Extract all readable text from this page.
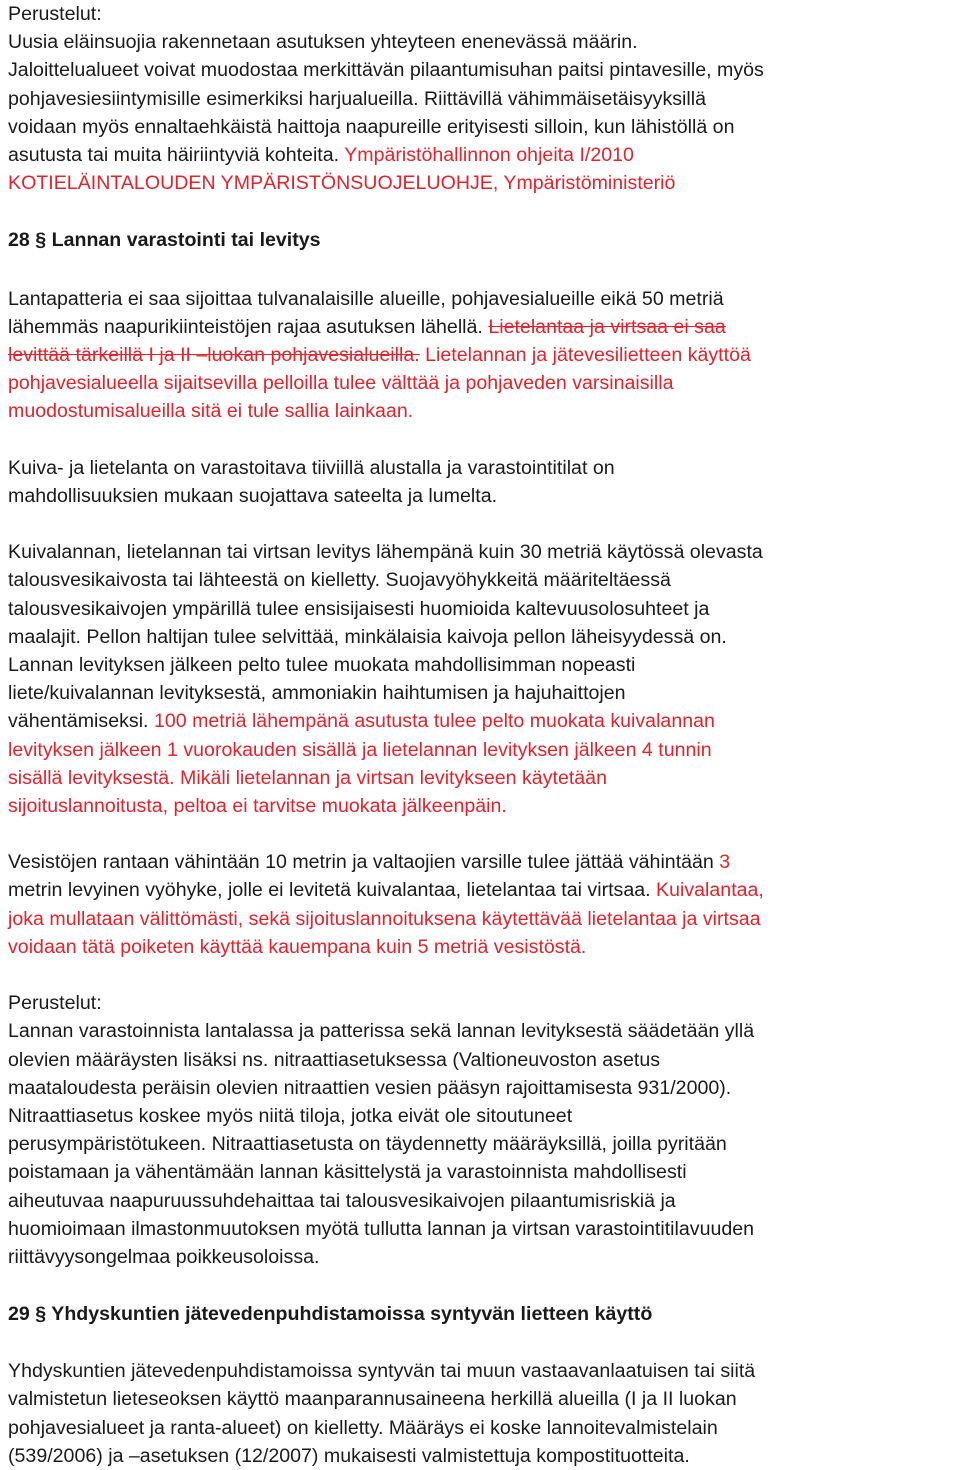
Perustelut:
Uusia eläinsuojia rakennetaan asutuksen yhteyteen enenevässä määrin.
Jaloittelualueet voivat muodostaa merkittävän pilaantumisuhan paitsi pintavesille, myös
pohjavesiesiintymisille esimerkiksi harjualueilla. Riittävillä vähimmäisetäisyyksillä
voidaan myös ennaltaehkäistä haittoja naapureille erityisesti silloin, kun lähistöllä on
asutusta tai muita häiriintyviä kohteita. Ympäristöhallinnon ohjeita I/2010
KOTIELÄINTALOUDEN YMPÄRISTÖNSUOJELUOHJE, Ympäristöministeriö
28 § Lannan varastointi tai levitys
Lantapatteria ei saa sijoittaa tulvanalaisille alueille, pohjavesialueille eikä 50 metriä
lähemmäs naapurikiinteistöjen rajaa asutuksen lähellä. Lietelantaa ja virtsaa ei saa
levittää tärkeillä I ja II –luokan pohjavesialueilla. Lietelannan ja jätevesilietteen käyttöä
pohjavesialueella sijaitsevilla pelloilla tulee välttää ja pohjaveden varsinaisilla
muodostumisalueilla sitä ei tule sallia lainkaan.
Kuiva- ja lietelanta on varastoitava tiiviillä alustalla ja varastointitilat on
mahdollisuuksien mukaan suojattava sateelta ja lumelta.
Kuivalannan, lietelannan tai virtsan levitys lähempänä kuin 30 metriä käytössä olevasta
talousvesikaivosta tai lähteestä on kielletty. Suojavyöhykkeitä määriteltäessä
talousvesikaivojen ympärillä tulee ensisijaisesti huomioida kaltevuusolosuhteet ja
maalajit. Pellon haltijan tulee selvittää, minkälaisia kaivoja pellon läheisyydessä on.
Lannan levityksen jälkeen pelto tulee muokata mahdollisimman nopeasti
liete/kuivalannan levityksestä, ammoniakin haihtumisen ja hajuhaittojen
vähentämiseksi. 100 metriä lähempänä asutusta tulee pelto muokata kuivalannan
levityksen jälkeen 1 vuorokauden sisällä ja lietelannan levityksen jälkeen 4 tunnin
sisällä levityksestä. Mikäli lietelannan ja virtsan levitykseen käytetään
sijoituslannoitusta, peltoa ei tarvitse muokata jälkeenpäin.
Vesistöjen rantaan vähintään 10 metrin ja valtaojien varsille tulee jättää vähintään 3
metrin levyinen vyöhyke, jolle ei levitetä kuivalantaa, lietelantaa tai virtsaa. Kuivalantaa,
joka mullataan välittömästi, sekä sijoituslannoituksena käytettävää lietelantaa ja virtsaa
voidaan tätä poiketen käyttää kauempana kuin 5 metriä vesistöstä.
Perustelut:
Lannan varastoinnista lantalassa ja patterissa sekä lannan levityksestä säädetään yllä
olevien määräysten lisäksi ns. nitraattiasetuksessa (Valtioneuvoston asetus
maataloudesta peräisin olevien nitraattien vesien pääsyn rajoittamisesta 931/2000).
Nitraattiasetus koskee myös niitä tiloja, jotka eivät ole sitoutuneet
perusympäristötukeen. Nitraattiasetusta on täydennetty määräyksillä, joilla pyritään
poistamaan ja vähentämään lannan käsittelystä ja varastoinnista mahdollisesti
aiheutuvaa naapuruussuhdehaittaa tai talousvesikaivojen pilaantumisriskiä ja
huomioimaan ilmastonmuutoksen myötä tullutta lannan ja virtsan varastointitilavuuden
riittävyysongelmaa poikkeusoloissa.
29 § Yhdyskuntien jätevedenpuhdistamoissa syntyvän lietteen käyttö
Yhdyskuntien jätevedenpuhdistamoissa syntyvän tai muun vastaavanlaatuisen tai siitä
valmistetun lieteseoksen käyttö maanparannusaineena herkillä alueilla (I ja II luokan
pohjavesialueet ja ranta-alueet) on kielletty. Määräys ei koske lannoitevalmistelain
(539/2006) ja –asetuksen (12/2007) mukaisesti valmistettuja kompostituotteita.
